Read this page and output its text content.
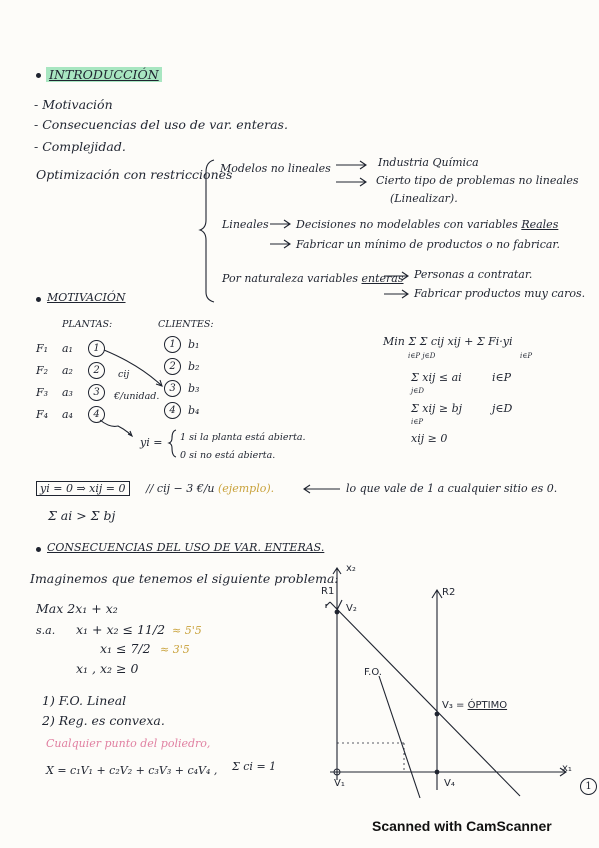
INTRODUCCIÓN
- Motivación
- Consecuencias del uso de var. enteras.
- Complejidad.
Optimización con restricciones
Modelos no lineales	Industria Química
Cierto tipo de problemas no lineales
(Linealizar).
Lineales Decisiones no modelables con variables Reales
Fabricar un mínimo de productos o no fabricar.
Por naturaleza variables enteras Personas a contratar.
Fabricar productos muy caros.
MOTIVACIÓN
PLANTAS:	CLIENTES:
F₁ a₁	1
F₂ a₂	2
F₃ a₃	3
F₄ a₄	4
1	b₁
2	b₂
3	b₃
4	b₄
cij
€/unidad.
yi = 1 si la planta está abierta.
0 si no está abierta.
Min Σ Σ cij xij + Σ Fi·yi
i∈P j∈D	i∈P
Σ xij ≤ ai
j∈D
i∈P
Σ xij ≥ bj
i∈P
j∈D
xij ≥ 0
yi = 0 ⇒ xij = 0	// cij − 3 €/u (ejemplo).	lo que vale de 1 a cualquier sitio es 0.
Σ ai > Σ bj
CONSECUENCIAS DEL USO DE VAR. ENTERAS.
Imaginemos que tenemos el siguiente problema:
Max 2x₁ + x₂
s.a. x₁ + x₂ ≤ 11/2 ≈ 5'5
x₁ ≤ 7/2 ≈ 3'5
x₁ , x₂ ≥ 0
1) F.O. Lineal
2) Reg. es convexa.
Cualquier punto del poliedro,
X = c₁V₁ + c₂V₂ + c₃V₃ + c₄V₄ , Σ ci = 1
x₂
x₁
R1	R2
V₂
F.O.
V₃ = ÓPTIMO
V₁	V₄	1
Scanned with CamScanner
